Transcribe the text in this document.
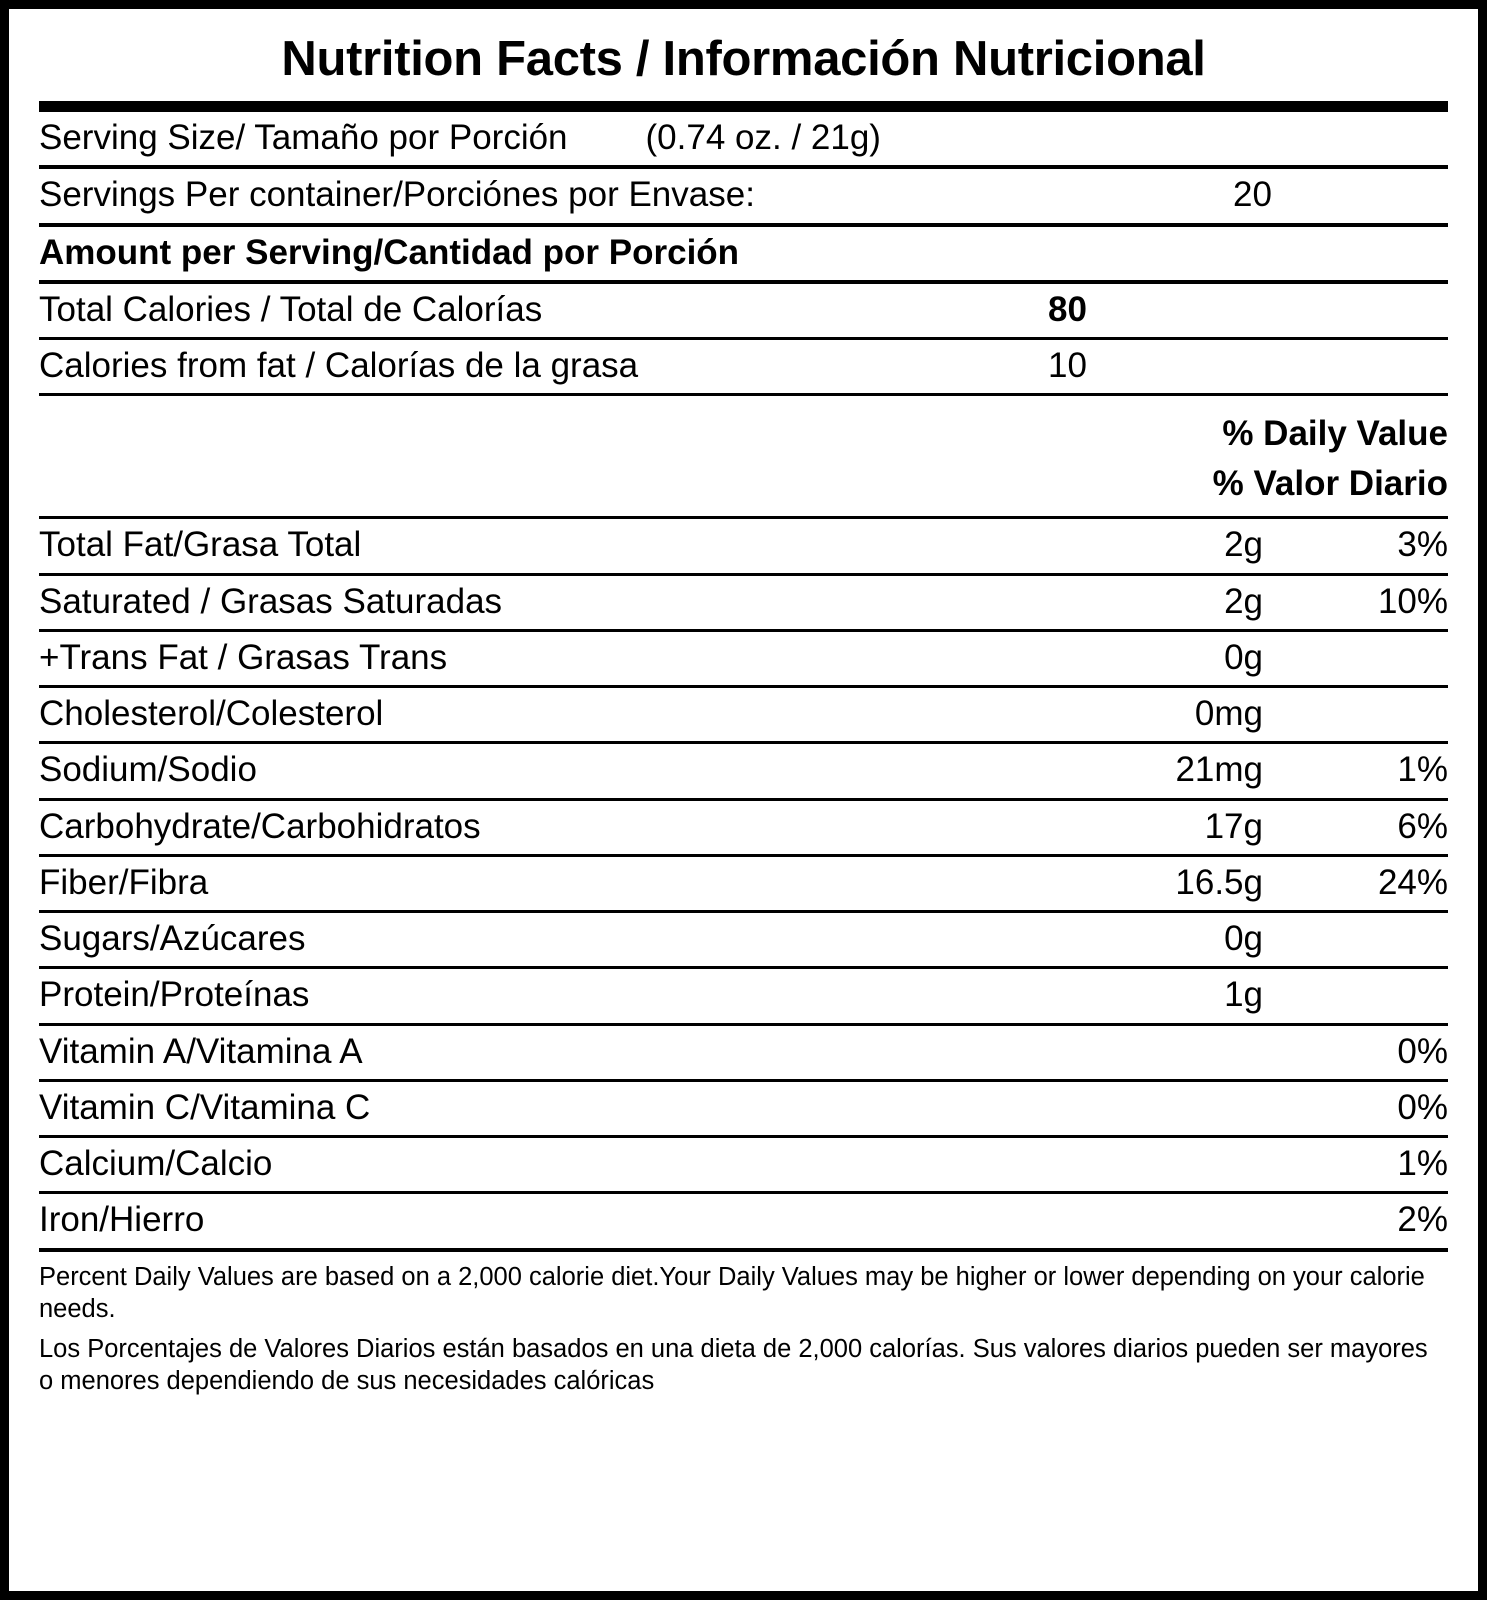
Nutrition Facts / Información Nutricional
Serving Size/ Tamaño por Porción (0.74 oz. / 21g)
Servings Per container/Porciónes por Envase:	20
Amount per Serving/Cantidad por Porción
Total Calories / Total de Calorías	80
Calories from fat / Calorías de la grasa	10
% Daily Value
% Valor Diario
Total Fat/Grasa Total	2g	3%
Saturated / Grasas Saturadas	2g	10%
+Trans Fat / Grasas Trans	0g
Cholesterol/Colesterol	0mg
Sodium/Sodio	21mg	1%
Carbohydrate/Carbohidratos	17g	6%
Fiber/Fibra	16.5g	24%
Sugars/Azúcares	0g
Protein/Proteínas	1g
Vitamin A/Vitamina A	0%
Vitamin C/Vitamina C	0%
Calcium/Calcio	1%
Iron/Hierro	2%

Percent Daily Values are based on a 2,000 calorie diet.Your Daily Values may be higher or lower depending on your calorie needs.

Los Porcentajes de Valores Diarios están basados en una dieta de 2,000 calorías. Sus valores diarios pueden ser mayores o menores dependiendo de sus necesidades calóricas
